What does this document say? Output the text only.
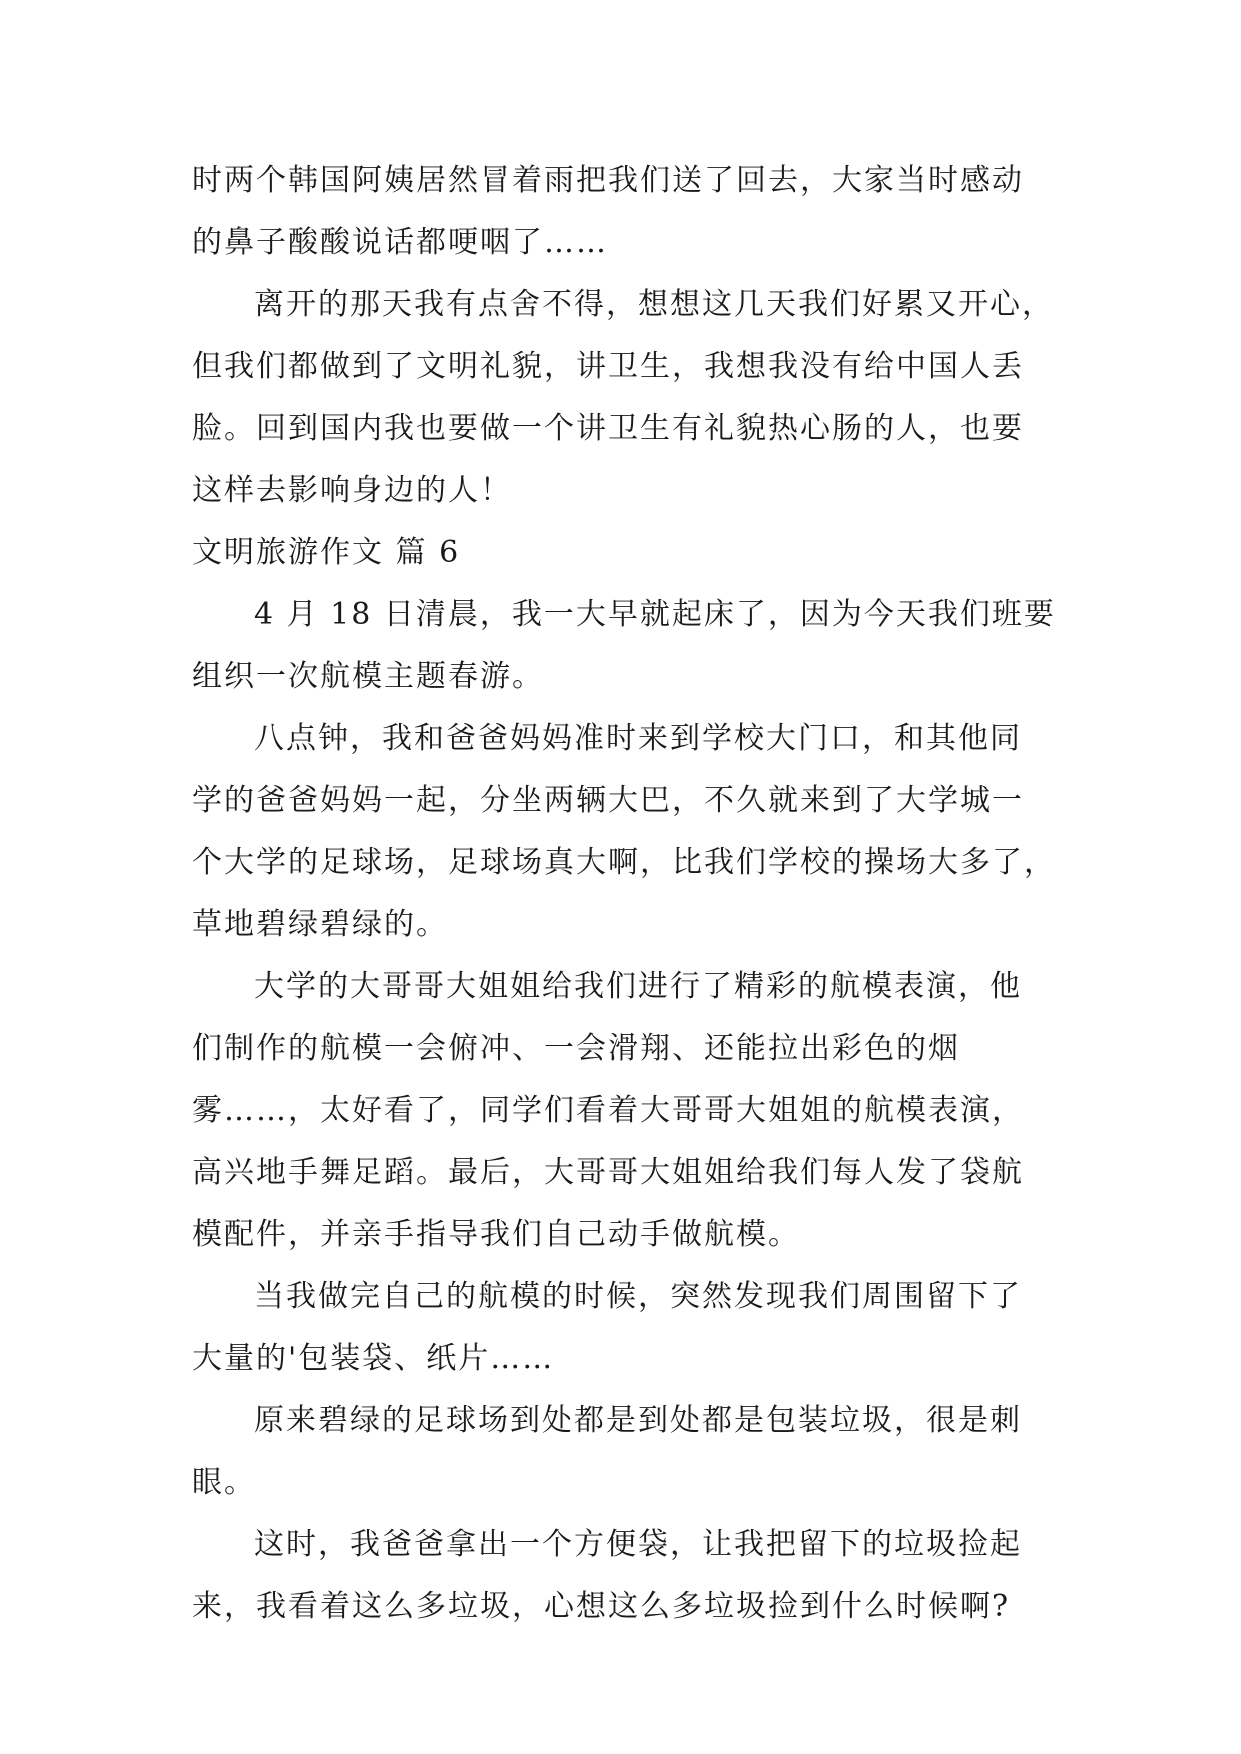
时两个韩国阿姨居然冒着雨把我们送了回去，大家当时感动
的鼻子酸酸说话都哽咽了……
离开的那天我有点舍不得，想想这几天我们好累又开心，
但我们都做到了文明礼貌，讲卫生，我想我没有给中国人丢
脸。回到国内我也要做一个讲卫生有礼貌热心肠的人，也要
这样去影响身边的人！
文明旅游作文 篇 6
4 月 18 日清晨，我一大早就起床了，因为今天我们班要
组织一次航模主题春游。
八点钟，我和爸爸妈妈准时来到学校大门口，和其他同
学的爸爸妈妈一起，分坐两辆大巴，不久就来到了大学城一
个大学的足球场，足球场真大啊，比我们学校的操场大多了，
草地碧绿碧绿的。
大学的大哥哥大姐姐给我们进行了精彩的航模表演，他
们制作的航模一会俯冲、一会滑翔、还能拉出彩色的烟
雾……，太好看了，同学们看着大哥哥大姐姐的航模表演，
高兴地手舞足蹈。最后，大哥哥大姐姐给我们每人发了袋航
模配件，并亲手指导我们自己动手做航模。
当我做完自己的航模的时候，突然发现我们周围留下了
大量的'包装袋、纸片……
原来碧绿的足球场到处都是到处都是包装垃圾，很是刺
眼。
这时，我爸爸拿出一个方便袋，让我把留下的垃圾捡起
来，我看着这么多垃圾，心想这么多垃圾捡到什么时候啊?
